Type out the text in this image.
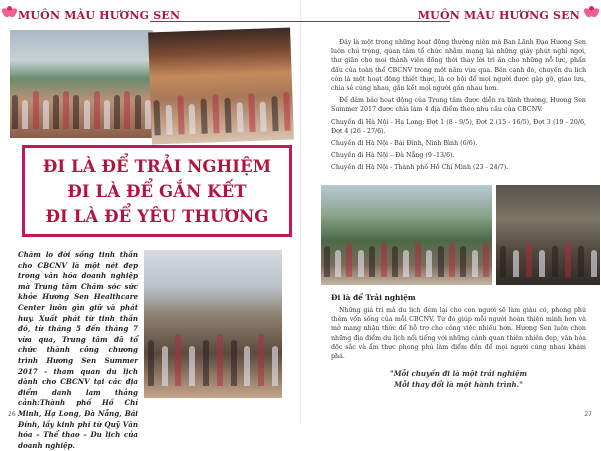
MUÔN MÀU HƯƠNG SEN
ĐI LÀ ĐỂ TRẢI NGHIỆM
ĐI LÀ ĐỂ GẮN KẾT
ĐI LÀ ĐỂ YÊU THƯƠNG
Chăm lo đời sống tinh thần cho CBCNV là một nét đẹp trong văn hóa doanh nghiệp mà Trung tâm Chăm sóc sức khỏe Hương Sen Healthcare Center luôn gìn giữ và phát huy. Xuất phát từ tinh thần đó, từ tháng 5 đến tháng 7 vừa qua, Trung tâm đã tổ chức thành công chương trình Hương Sen Summer 2017 - tham quan du lịch dành cho CBCNV tại các địa điểm danh lam thắng cảnh:Thành phố Hồ Chí Minh, Hạ Long, Đà Nẵng, Bái Đính, lấy kinh phí từ Quỹ Văn hóa – Thể thao – Du lịch của doanh nghiệp.
26
MUÔN MÀU HƯƠNG SEN
27

Đây là một trong những hoạt động thường niên mà Ban Lãnh Đạo Hương Sen luôn chú trọng, quan tâm tổ chức nhằm mang lại những giây phút nghỉ ngơi, thư giãn cho mọi thành viên đồng thời thay lời tri ân cho những nỗ lực, phấn đấu của toàn thể CBCNV trong một năm vừa qua. Bên cạnh đó, chuyến du lịch còn là một hoạt động thiết thực, là cơ hội để mọi người được gặp gỡ, giao lưu, chia sẻ cùng nhau, gắn kết mọi người gần nhau hơn.

Để đảm bảo hoạt động của Trung tâm được diễn ra bình thường, Hương Sen Summer 2017 được chia làm 4 địa điểm theo nhu cầu của CBCNV.

Chuyến đi Hà Nội - Hạ Long: Đợt 1 (8 - 9/5), Đợt 2 (15 - 16/5), Đợt 3 (19 - 20/6, Đợt 4 (26 - 27/6).

Chuyến đi Hà Nội - Bái Đính, Ninh Bình (6/6).

Chuyến đi Hà Nội – Đà Nẵng (9 -13/6).

Chuyến đi Hà Nội - Thành phố Hồ Chí Minh (23 - 24/7).

Đi là để Trải nghiệm
Những giá trị mà du lịch đem lại cho con người sẽ làm giàu có, phong phú thêm vốn sống của mỗi CBCNV. Từ đó giúp mỗi người hoàn thiện mình hơn và mở mang nhận thức để hỗ trợ cho công việc nhiều hơn. Hương Sen luôn chọn những địa điểm du lịch nổi tiếng với những cảnh quan thiên nhiên đẹp, văn hóa độc sắc và ẩm thực phong phú làm điểm đến để mọi người cùng nhau khám phá.
"Mỗi chuyến đi là một trải nghiệm
Mỗi thay đổi là một hành trình."
